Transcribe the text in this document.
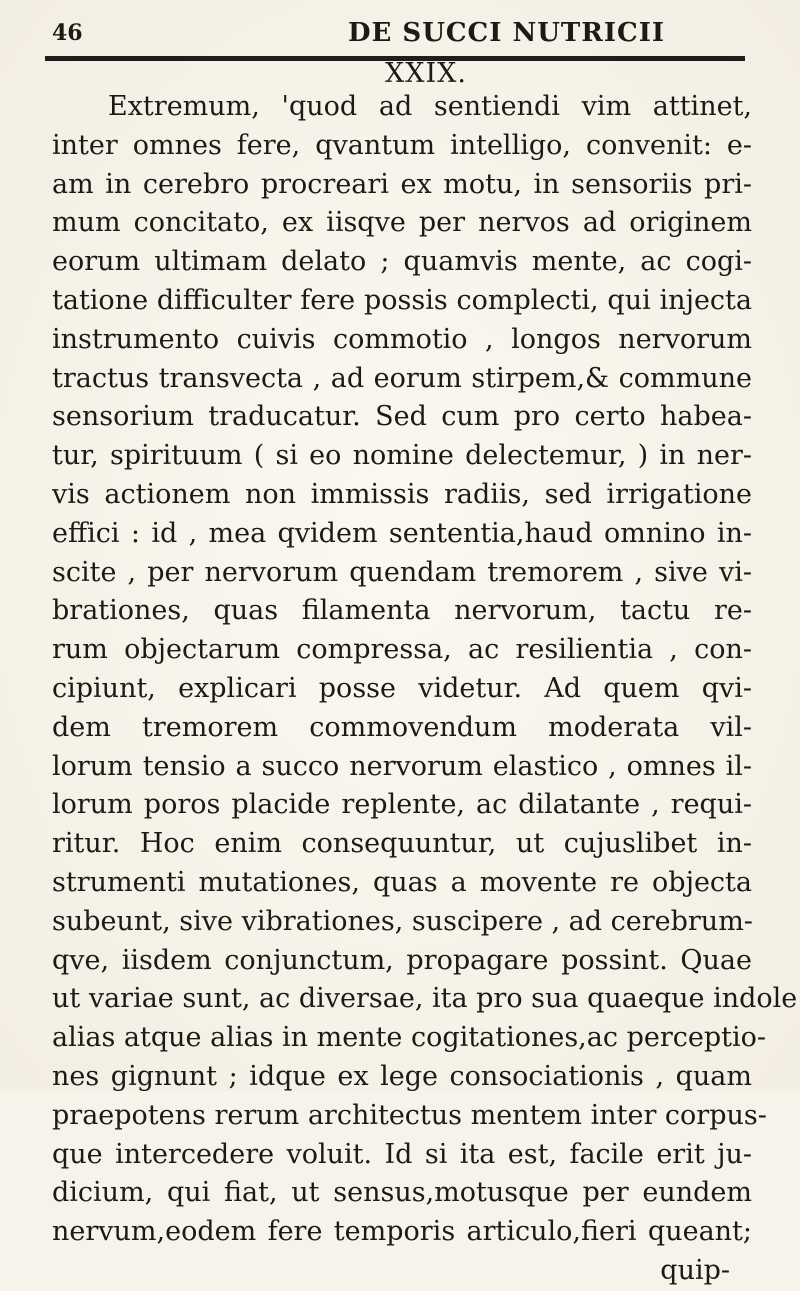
46	DE SUCCI NUTRICII
XXIX.
Extremum, 'quod ad sentiendi vim attinet,
inter omnes fere, qvantum intelligo, convenit: e-
am in cerebro procreari ex motu, in sensoriis pri-
mum concitato, ex iisqve per nervos ad originem
eorum ultimam delato ; quamvis mente, ac cogi-
tatione difficulter fere possis complecti, qui injecta
instrumento cuivis commotio , longos nervorum
tractus transvecta , ad eorum stirpem,& commune
sensorium traducatur. Sed cum pro certo habea-
tur, spirituum ( si eo nomine delectemur, ) in ner-
vis actionem non immissis radiis, sed irrigatione
effici : id , mea qvidem sententia,haud omnino in-
scite , per nervorum quendam tremorem , sive vi-
brationes, quas filamenta nervorum, tactu re-
rum objectarum compressa, ac resilientia , con-
cipiunt, explicari posse videtur. Ad quem qvi-
dem tremorem commovendum moderata vil-
lorum tensio a succo nervorum elastico , omnes il-
lorum poros placide replente, ac dilatante , requi-
ritur. Hoc enim consequuntur, ut cujuslibet in-
strumenti mutationes, quas a movente re objecta
subeunt, sive vibrationes, suscipere , ad cerebrum-
qve, iisdem conjunctum, propagare possint. Quae
ut variae sunt, ac diversae, ita pro sua quaeque indole
alias atque alias in mente cogitationes,ac perceptio-
nes gignunt ; idque ex lege consociationis , quam
praepotens rerum architectus mentem inter corpus-
que intercedere voluit. Id si ita est, facile erit ju-
dicium, qui fiat, ut sensus,motusque per eundem
nervum,eodem fere temporis articulo,fieri queant;
quip-
